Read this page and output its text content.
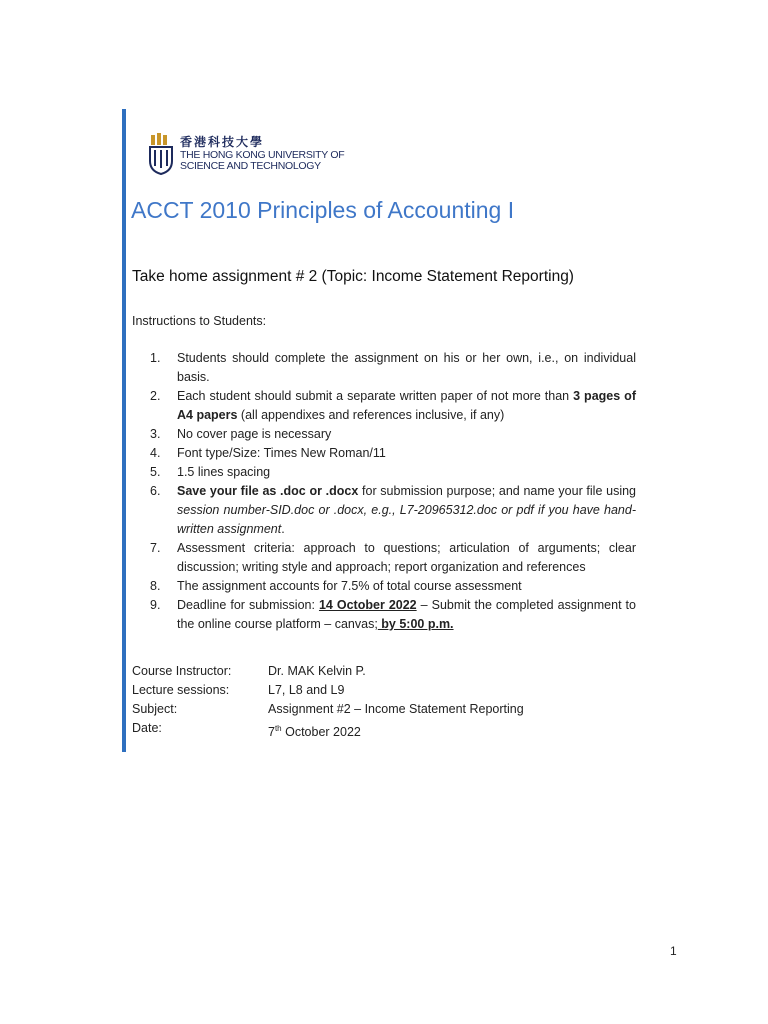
香港科技大學
THE HONG KONG UNIVERSITY OF
SCIENCE AND TECHNOLOGY
ACCT 2010 Principles of Accounting I
Take home assignment # 2 (Topic: Income Statement Reporting)
Instructions to Students:
1.	Students should complete the assignment on his or her own, i.e., on individual basis.
2.	Each student should submit a separate written paper of not more than 3 pages of A4 papers (all appendixes and references inclusive, if any)
3.	No cover page is necessary
4.	Font type/Size: Times New Roman/11
5.	1.5 lines spacing
6.	Save your file as .doc or .docx for submission purpose; and name your file using session number-SID.doc or .docx, e.g., L7-20965312.doc or pdf if you have hand-written assignment.
7.	Assessment criteria: approach to questions; articulation of arguments; clear discussion; writing style and approach; report organization and references
8.	The assignment accounts for 7.5% of total course assessment
9.	Deadline for submission: 14 October 2022 – Submit the completed assignment to the online course platform – canvas; by 5:00 p.m.
Course Instructor:	Dr. MAK Kelvin P.
Lecture sessions:	L7, L8 and L9
Subject:	Assignment #2 – Income Statement Reporting
Date:	7th October 2022
1
